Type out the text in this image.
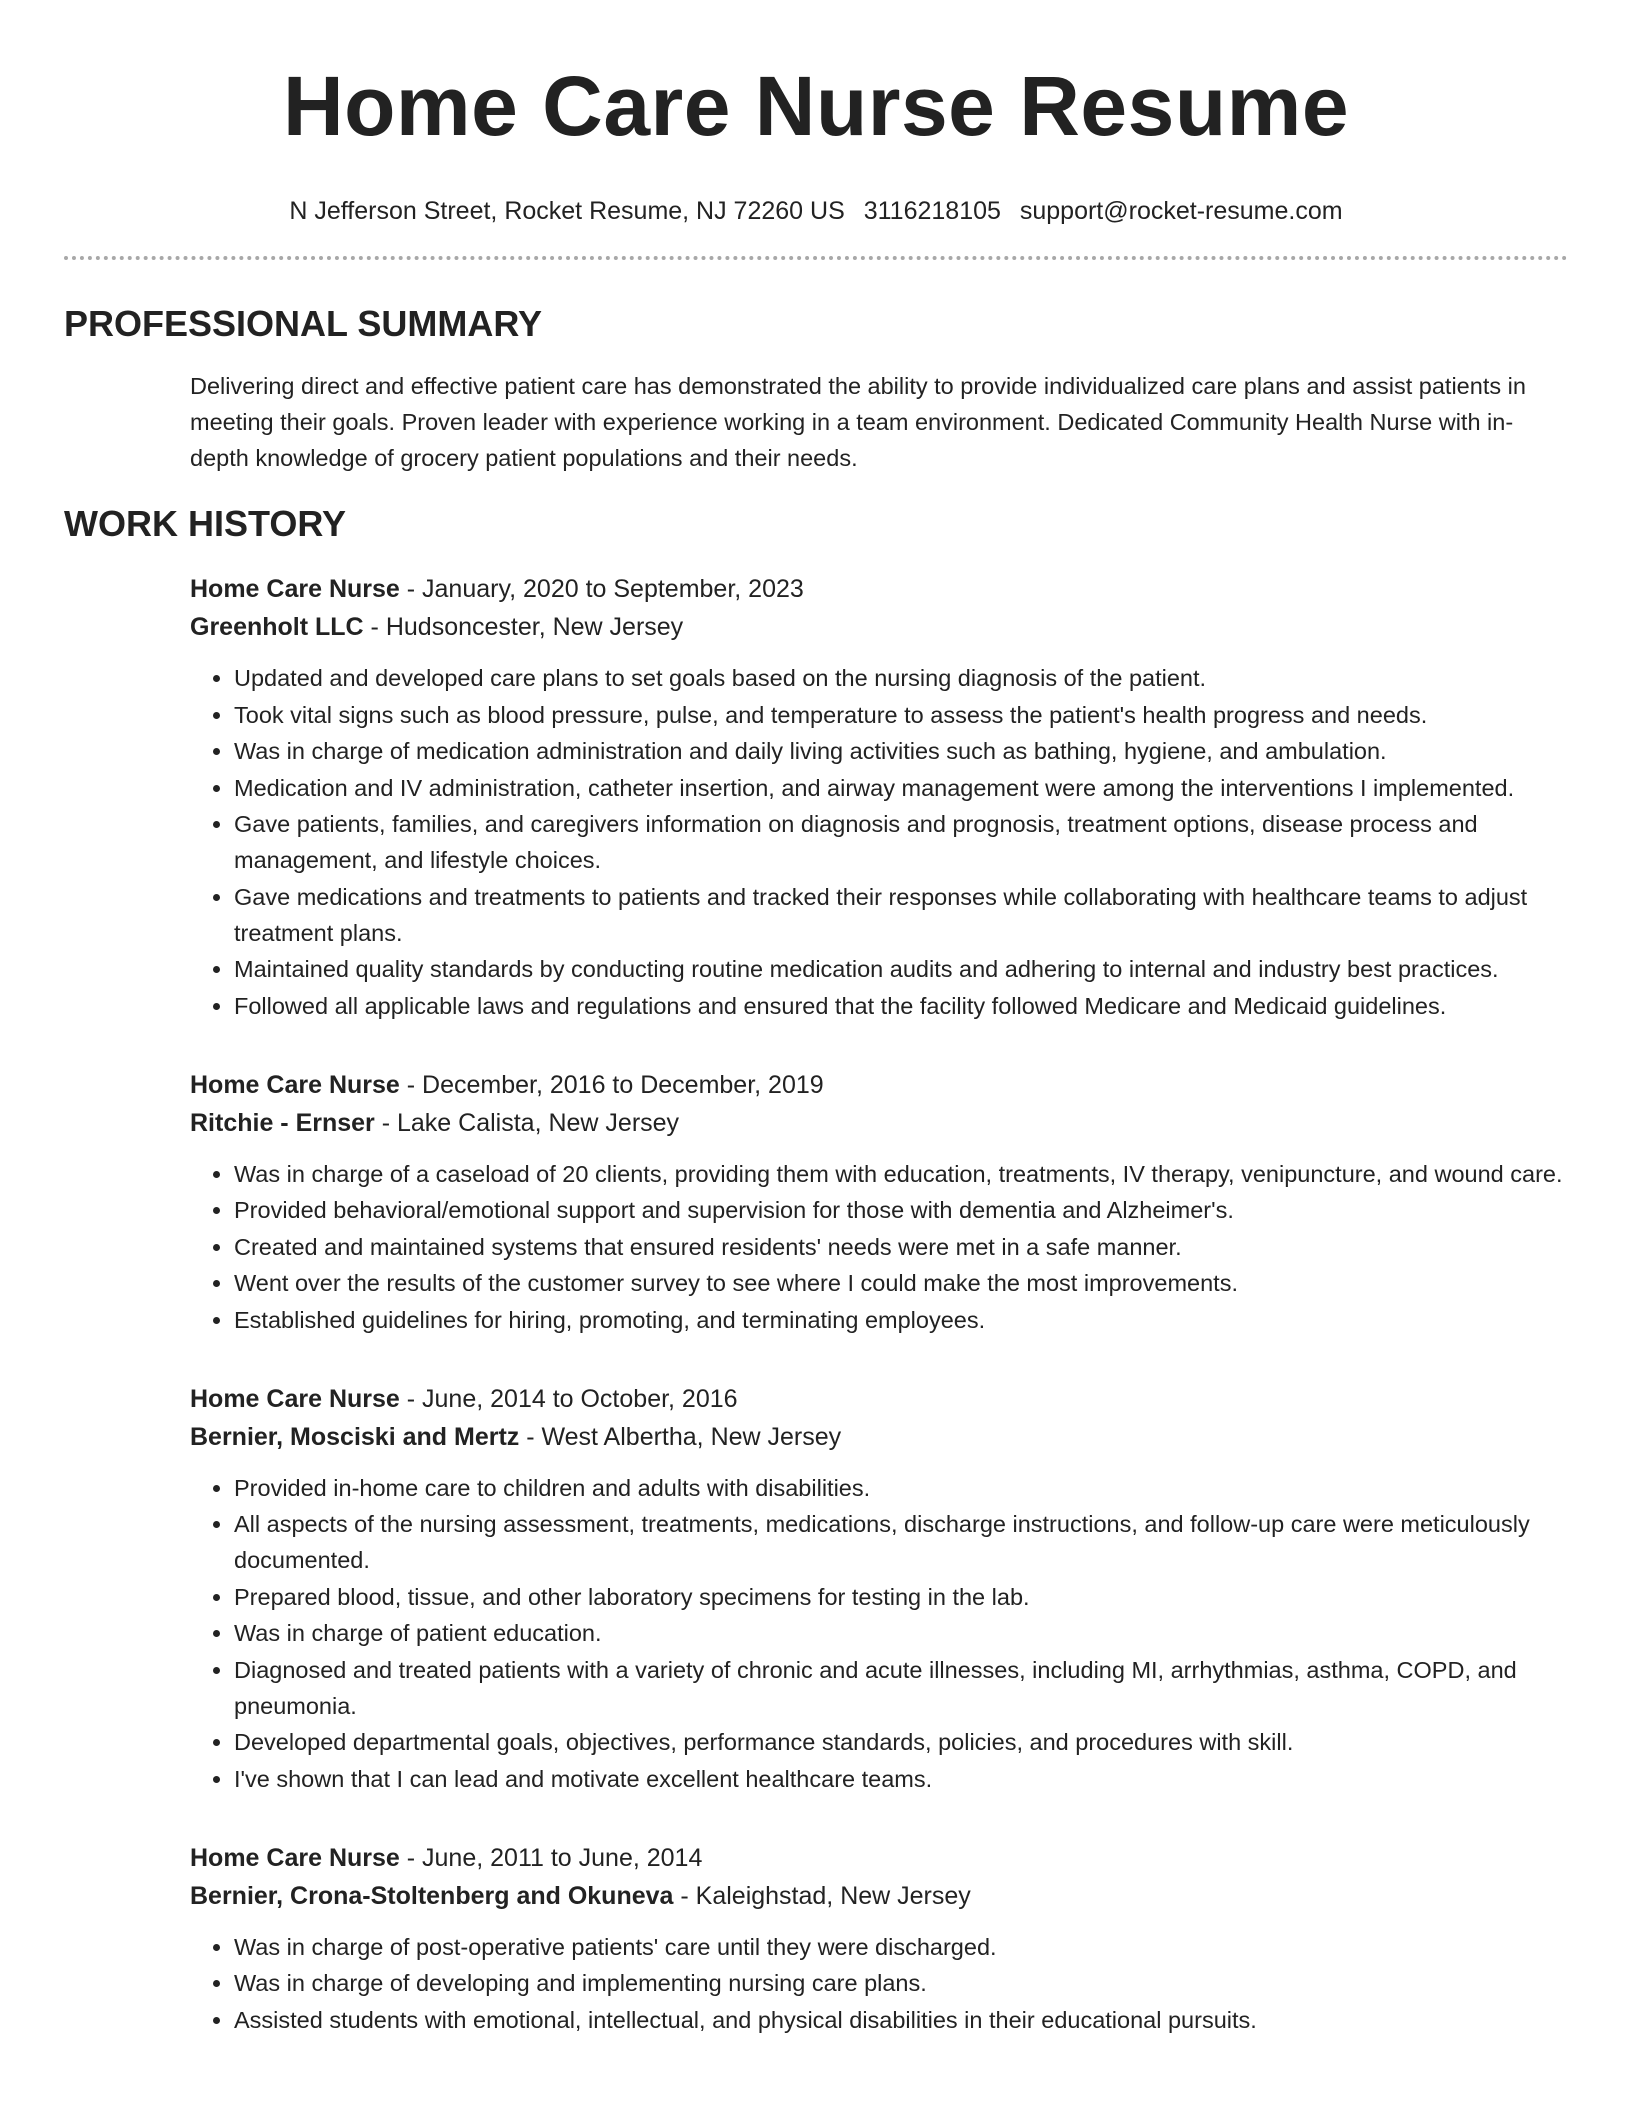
Home Care Nurse Resume
N Jefferson Street, Rocket Resume, NJ 72260 US 3116218105 support@rocket-resume.com
PROFESSIONAL SUMMARY
Delivering direct and effective patient care has demonstrated the ability to provide individualized care plans and assist patients in meeting their goals. Proven leader with experience working in a team environment. Dedicated Community Health Nurse with in-depth knowledge of grocery patient populations and their needs.
WORK HISTORY
Home Care Nurse - January, 2020 to September, 2023
Greenholt LLC - Hudsoncester, New Jersey
• Updated and developed care plans to set goals based on the nursing diagnosis of the patient.
• Took vital signs such as blood pressure, pulse, and temperature to assess the patient's health progress and needs.
• Was in charge of medication administration and daily living activities such as bathing, hygiene, and ambulation.
• Medication and IV administration, catheter insertion, and airway management were among the interventions I implemented.
• Gave patients, families, and caregivers information on diagnosis and prognosis, treatment options, disease process and management, and lifestyle choices.
• Gave medications and treatments to patients and tracked their responses while collaborating with healthcare teams to adjust treatment plans.
• Maintained quality standards by conducting routine medication audits and adhering to internal and industry best practices.
• Followed all applicable laws and regulations and ensured that the facility followed Medicare and Medicaid guidelines.
Home Care Nurse - December, 2016 to December, 2019
Ritchie - Ernser - Lake Calista, New Jersey
• Was in charge of a caseload of 20 clients, providing them with education, treatments, IV therapy, venipuncture, and wound care.
• Provided behavioral/emotional support and supervision for those with dementia and Alzheimer's.
• Created and maintained systems that ensured residents' needs were met in a safe manner.
• Went over the results of the customer survey to see where I could make the most improvements.
• Established guidelines for hiring, promoting, and terminating employees.
Home Care Nurse - June, 2014 to October, 2016
Bernier, Mosciski and Mertz - West Albertha, New Jersey
• Provided in-home care to children and adults with disabilities.
• All aspects of the nursing assessment, treatments, medications, discharge instructions, and follow-up care were meticulously documented.
• Prepared blood, tissue, and other laboratory specimens for testing in the lab.
• Was in charge of patient education.
• Diagnosed and treated patients with a variety of chronic and acute illnesses, including MI, arrhythmias, asthma, COPD, and pneumonia.
• Developed departmental goals, objectives, performance standards, policies, and procedures with skill.
• I've shown that I can lead and motivate excellent healthcare teams.
Home Care Nurse - June, 2011 to June, 2014
Bernier, Crona-Stoltenberg and Okuneva - Kaleighstad, New Jersey
• Was in charge of post-operative patients' care until they were discharged.
• Was in charge of developing and implementing nursing care plans.
• Assisted students with emotional, intellectual, and physical disabilities in their educational pursuits.
